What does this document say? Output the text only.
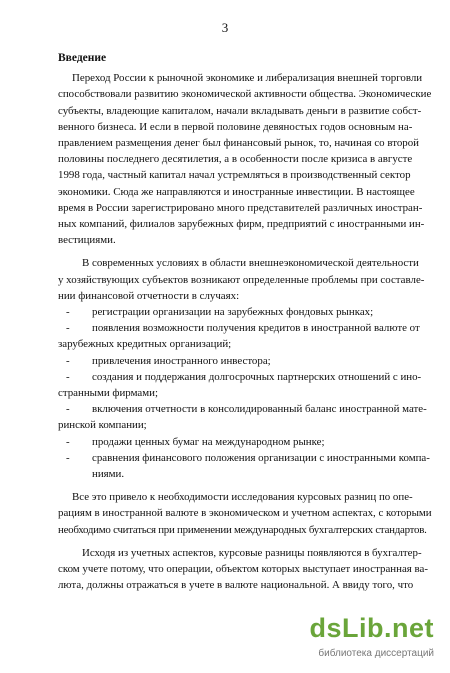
3
Введение
Переход России к рыночной экономике и либерализация внешней торговли
способствовали развитию экономической активности общества. Экономические
субъекты, владеющие капиталом, начали вкладывать деньги в развитие собст-
венного бизнеса. И если в первой половине девяностых годов основным на-
правлением размещения денег был финансовый рынок, то, начиная со второй
половины последнего десятилетия, а в особенности после кризиса в августе
1998 года, частный капитал начал устремляться в производственный сектор
экономики. Сюда же направляются и иностранные инвестиции. В настоящее
время в России зарегистрировано много представителей различных иностран-
ных компаний, филиалов зарубежных фирм, предприятий с иностранными ин-
вестициями.
В современных условиях в области внешнеэкономической деятельности
у хозяйствующих субъектов возникают определенные проблемы при составле-
нии финансовой отчетности в случаях:
- регистрации организации на зарубежных фондовых рынках;
- появления возможности получения кредитов в иностранной валюте от
зарубежных кредитных организаций;
- привлечения иностранного инвестора;
- создания и поддержания долгосрочных партнерских отношений с ино-
странными фирмами;
- включения отчетности в консолидированный баланс иностранной мате-
ринской компании;
- продажи ценных бумаг на международном рынке;
- сравнения финансового положения организации с иностранными компа-
ниями.
Все это привело к необходимости исследования курсовых разниц по опе-
рациям в иностранной валюте в экономическом и учетном аспектах, с которыми
необходимо считаться при применении международных бухгалтерских стандартов.
Исходя из учетных аспектов, курсовые разницы появляются в бухгалтер-
ском учете потому, что операции, объектом которых выступает иностранная ва-
люта, должны отражаться в учете в валюте национальной. А ввиду того, что
dsLib.net
библиотека диссертаций
